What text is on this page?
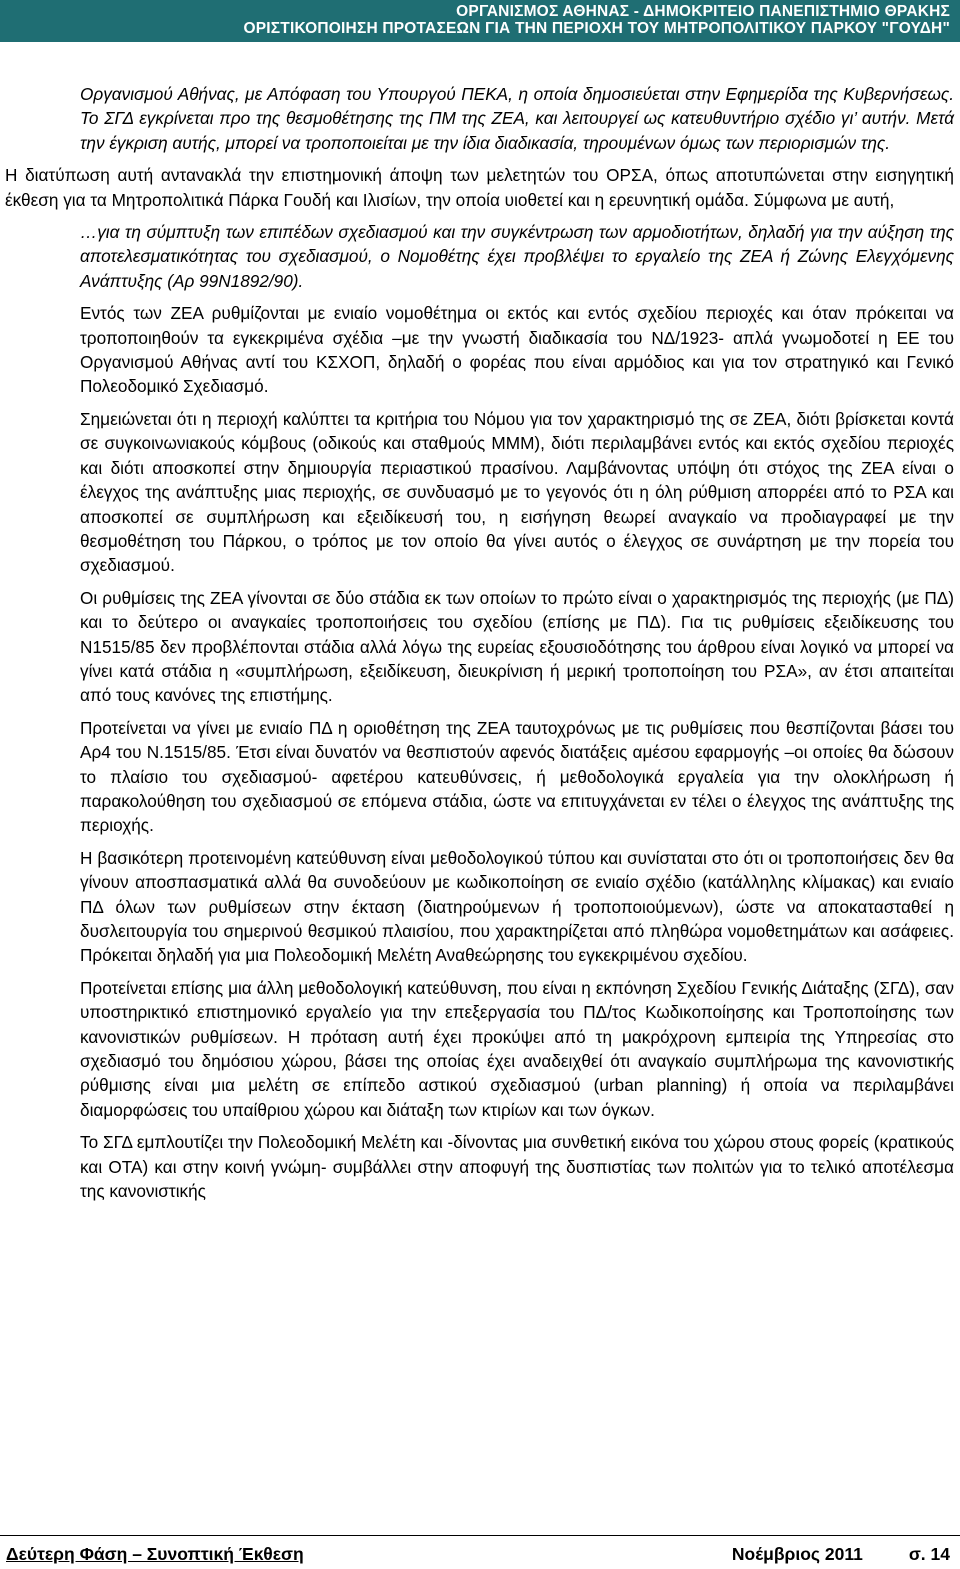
ΟΡΓΑΝΙΣΜΟΣ ΑΘΗΝΑΣ - ΔΗΜΟΚΡΙΤΕΙΟ ΠΑΝΕΠΙΣΤΗΜΙΟ ΘΡΑΚΗΣ
ΟΡΙΣΤΙΚΟΠΟΙΗΣΗ ΠΡΟΤΑΣΕΩΝ ΓΙΑ ΤΗΝ ΠΕΡΙΟΧΗ ΤΟΥ ΜΗΤΡΟΠΟΛΙΤΙΚΟΥ ΠΑΡΚΟΥ "ΓΟΥΔΗ"

Οργανισμού Αθήνας, με Απόφαση του Υπουργού ΠΕΚΑ, η οποία δημοσιεύεται στην Εφημερίδα της Κυβερνήσεως. Το ΣΓΔ εγκρίνεται προ της θεσμοθέτησης της ΠΜ της ΖΕΑ, και λειτουργεί ως κατευθυντήριο σχέδιο γι’ αυτήν. Μετά την έγκριση αυτής, μπορεί να τροποποιείται με την ίδια διαδικασία, τηρουμένων όμως των περιορισμών της.

Η διατύπωση αυτή αντανακλά την επιστημονική άποψη των μελετητών του ΟΡΣΑ, όπως αποτυπώνεται στην εισηγητική έκθεση για τα Μητροπολιτικά Πάρκα Γουδή και Ιλισίων, την οποία υιοθετεί και η ερευνητική ομάδα. Σύμφωνα με αυτή,

…για τη σύμπτυξη των επιπέδων σχεδιασμού και την συγκέντρωση των αρμοδιοτήτων, δηλαδή για την αύξηση της αποτελεσματικότητας του σχεδιασμού, ο Νομοθέτης έχει προβλέψει το εργαλείο της ΖΕΑ ή Ζώνης Ελεγχόμενης Ανάπτυξης (Αρ 99Ν1892/90).

Εντός των ΖΕΑ ρυθμίζονται με ενιαίο νομοθέτημα οι εκτός και εντός σχεδίου περιοχές και όταν πρόκειται να τροποποιηθούν τα εγκεκριμένα σχέδια –με την γνωστή διαδικασία του ΝΔ/1923- απλά γνωμοδοτεί η ΕΕ του Οργανισμού Αθήνας αντί του ΚΣΧΟΠ, δηλαδή ο φορέας που είναι αρμόδιος και για τον στρατηγικό και Γενικό Πολεοδομικό Σχεδιασμό.

Σημειώνεται ότι η περιοχή καλύπτει τα κριτήρια του Νόμου για τον χαρακτηρισμό της σε ΖΕΑ, διότι βρίσκεται κοντά σε συγκοινωνιακούς κόμβους (οδικούς και σταθμούς ΜΜΜ), διότι περιλαμβάνει εντός και εκτός σχεδίου περιοχές και διότι αποσκοπεί στην δημιουργία περιαστικού πρασίνου. Λαμβάνοντας υπόψη ότι στόχος της ΖΕΑ είναι ο έλεγχος της ανάπτυξης μιας περιοχής, σε συνδυασμό με το γεγονός ότι η όλη ρύθμιση απορρέει από το ΡΣΑ και αποσκοπεί σε συμπλήρωση και εξειδίκευσή του, η εισήγηση θεωρεί αναγκαίο να προδιαγραφεί με την θεσμοθέτηση του Πάρκου, ο τρόπος με τον οποίο θα γίνει αυτός ο έλεγχος σε συνάρτηση με την πορεία του σχεδιασμού.

Οι ρυθμίσεις της ΖΕΑ γίνονται σε δύο στάδια εκ των οποίων το πρώτο είναι ο χαρακτηρισμός της περιοχής (με ΠΔ) και το δεύτερο οι αναγκαίες τροποποιήσεις του σχεδίου (επίσης με ΠΔ). Για τις ρυθμίσεις εξειδίκευσης του Ν1515/85 δεν προβλέπονται στάδια αλλά λόγω της ευρείας εξουσιοδότησης του άρθρου είναι λογικό να μπορεί να γίνει κατά στάδια η «συμπλήρωση, εξειδίκευση, διευκρίνιση ή μερική τροποποίηση του ΡΣΑ», αν έτσι απαιτείται από τους κανόνες της επιστήμης.

Προτείνεται να γίνει με ενιαίο ΠΔ η οριοθέτηση της ΖΕΑ ταυτοχρόνως με τις ρυθμίσεις που θεσπίζονται βάσει του Αρ4 του Ν.1515/85. Έτσι είναι δυνατόν να θεσπιστούν αφενός διατάξεις αμέσου εφαρμογής –οι οποίες θα δώσουν το πλαίσιο του σχεδιασμού- αφετέρου κατευθύνσεις, ή μεθοδολογικά εργαλεία για την ολοκλήρωση ή παρακολούθηση του σχεδιασμού σε επόμενα στάδια, ώστε να επιτυγχάνεται εν τέλει ο έλεγχος της ανάπτυξης της περιοχής.

Η βασικότερη προτεινομένη κατεύθυνση είναι μεθοδολογικού τύπου και συνίσταται στο ότι οι τροποποιήσεις δεν θα γίνουν αποσπασματικά αλλά θα συνοδεύουν με κωδικοποίηση σε ενιαίο σχέδιο (κατάλληλης κλίμακας) και ενιαίο ΠΔ όλων των ρυθμίσεων στην έκταση (διατηρούμενων ή τροποποιούμενων), ώστε να αποκατασταθεί η δυσλειτουργία του σημερινού θεσμικού πλαισίου, που χαρακτηρίζεται από πληθώρα νομοθετημάτων και ασάφειες. Πρόκειται δηλαδή για μια Πολεοδομική Μελέτη Αναθεώρησης του εγκεκριμένου σχεδίου.

Προτείνεται επίσης μια άλλη μεθοδολογική κατεύθυνση, που είναι η εκπόνηση Σχεδίου Γενικής Διάταξης (ΣΓΔ), σαν υποστηρικτικό επιστημονικό εργαλείο για την επεξεργασία του ΠΔ/τος Κωδικοποίησης και Τροποποίησης των κανονιστικών ρυθμίσεων. Η πρόταση αυτή έχει προκύψει από τη μακρόχρονη εμπειρία της Υπηρεσίας στο σχεδιασμό του δημόσιου χώρου, βάσει της οποίας έχει αναδειχθεί ότι αναγκαίο συμπλήρωμα της κανονιστικής ρύθμισης είναι μια μελέτη σε επίπεδο αστικού σχεδιασμού (urban planning) ή οποία να περιλαμβάνει διαμορφώσεις του υπαίθριου χώρου και διάταξη των κτιρίων και των όγκων.

Το ΣΓΔ εμπλουτίζει την Πολεοδομική Μελέτη και -δίνοντας μια συνθετική εικόνα του χώρου στους φορείς (κρατικούς και ΟΤΑ) και στην κοινή γνώμη- συμβάλλει στην αποφυγή της δυσπιστίας των πολιτών για το τελικό αποτέλεσμα της κανονιστικής

Δεύτερη Φάση – Συνοπτική Έκθεση	Νοέμβριος 2011	σ. 14
